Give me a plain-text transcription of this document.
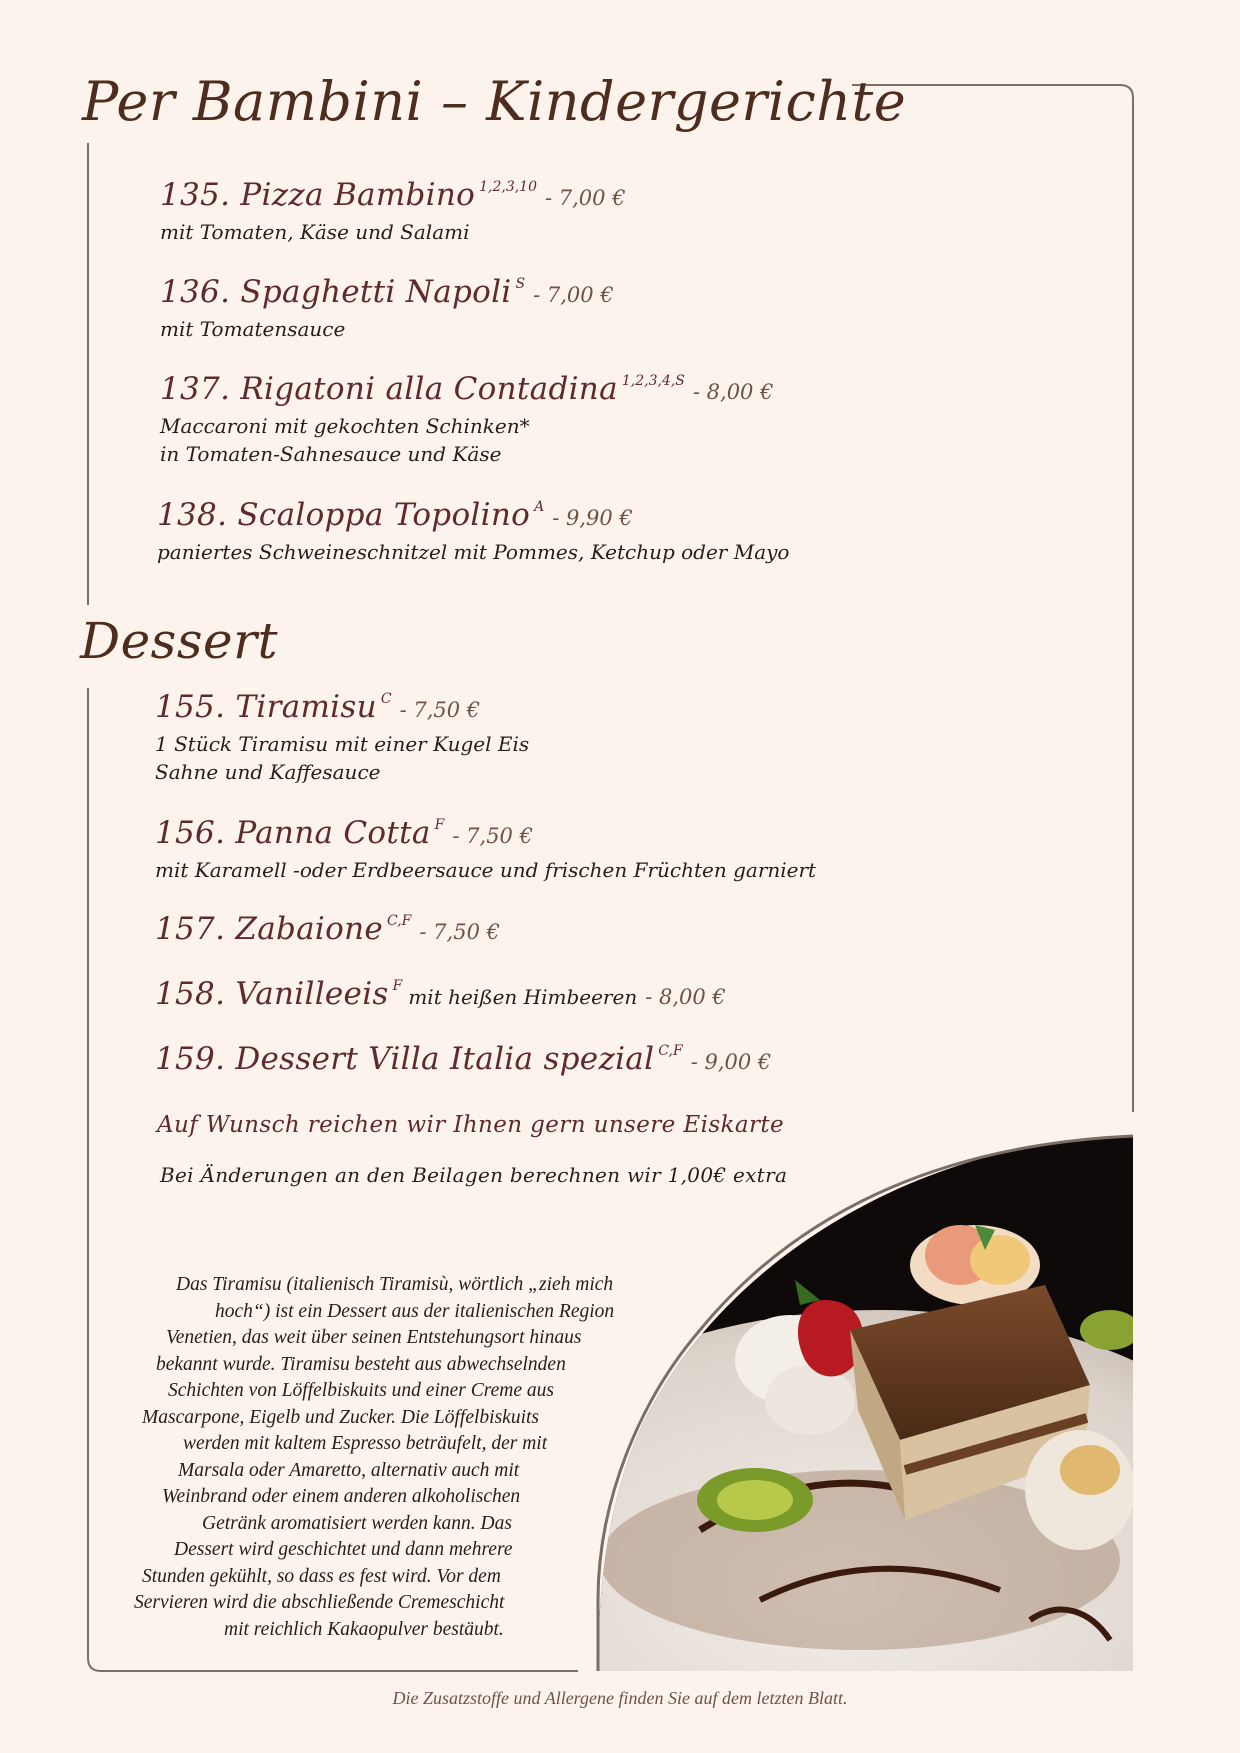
Per Bambini – Kindergerichte
135. Pizza Bambino 1,2,3,10 - 7,00 €
mit Tomaten, Käse und Salami
136. Spaghetti Napoli S - 7,00 €
mit Tomatensauce
137. Rigatoni alla Contadina 1,2,3,4,S - 8,00 €
Maccaroni mit gekochten Schinken*
in Tomaten-Sahnesauce und Käse
138. Scaloppa Topolino A - 9,90 €
paniertes Schweineschnitzel mit Pommes, Ketchup oder Mayo
Dessert
155. Tiramisu C - 7,50 €
1 Stück Tiramisu mit einer Kugel Eis
Sahne und Kaffesauce
156. Panna Cotta F - 7,50 €
mit Karamell -oder Erdbeersauce und frischen Früchten garniert
157. Zabaione C,F - 7,50 €
158. Vanilleeis F mit heißen Himbeeren - 8,00 €
159. Dessert Villa Italia spezial C,F - 9,00 €
Auf Wunsch reichen wir Ihnen gern unsere Eiskarte
Bei Änderungen an den Beilagen berechnen wir 1,00€ extra
Das Tiramisu (italienisch Tiramisù, wörtlich „zieh mich
hoch“) ist ein Dessert aus der italienischen Region
Venetien, das weit über seinen Entstehungsort hinaus
bekannt wurde. Tiramisu besteht aus abwechselnden
Schichten von Löffelbiskuits und einer Creme aus
Mascarpone, Eigelb und Zucker. Die Löffelbiskuits
werden mit kaltem Espresso beträufelt, der mit
Marsala oder Amaretto, alternativ auch mit
Weinbrand oder einem anderen alkoholischen
Getränk aromatisiert werden kann. Das
Dessert wird geschichtet und dann mehrere
Stunden gekühlt, so dass es fest wird. Vor dem
Servieren wird die abschließende Cremeschicht
mit reichlich Kakaopulver bestäubt.
Die Zusatzstoffe und Allergene finden Sie auf dem letzten Blatt.
